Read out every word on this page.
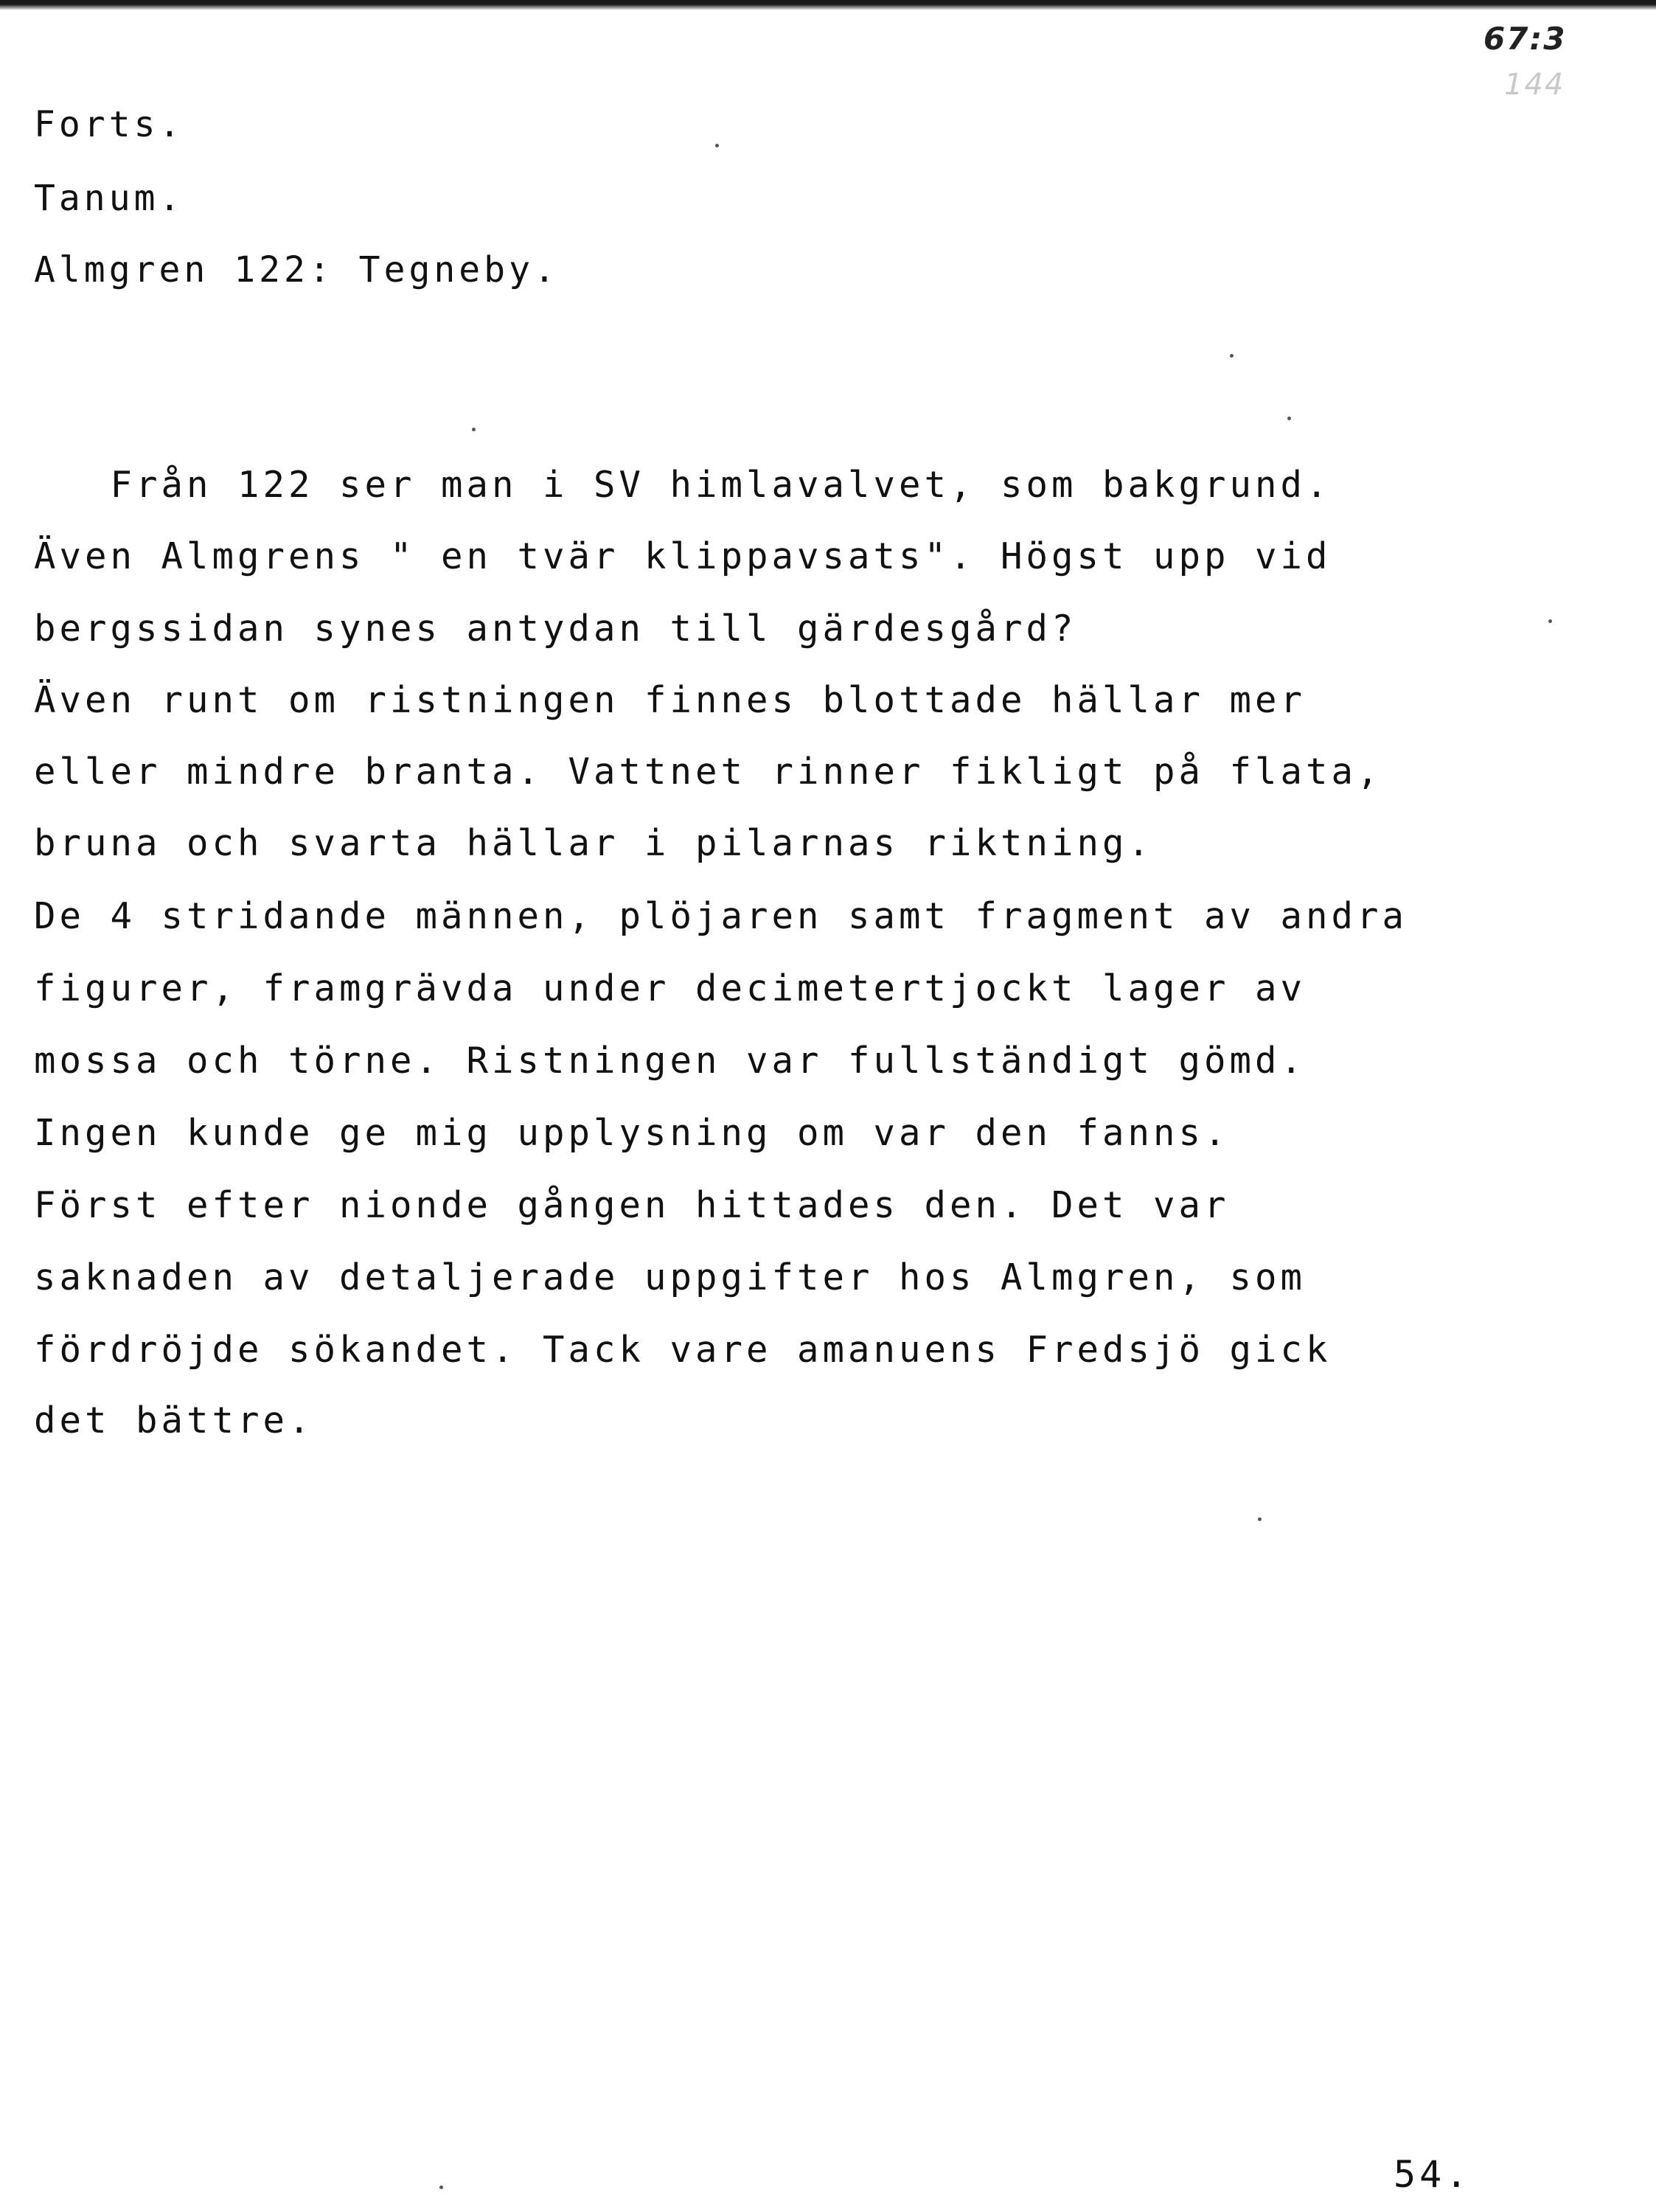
67:3
144
Forts.
Tanum.
Almgren 122: Tegneby.
Från 122 ser man i SV himlavalvet, som bakgrund.
Även Almgrens " en tvär klippavsats". Högst upp vid
bergssidan synes antydan till gärdesgård?
Även runt om ristningen finnes blottade hällar mer
eller mindre branta. Vattnet rinner fikligt på flata,
bruna och svarta hällar i pilarnas riktning.
De 4 stridande männen, plöjaren samt fragment av andra
figurer, framgrävda under decimetertjockt lager av
mossa och törne. Ristningen var fullständigt gömd.
Ingen kunde ge mig upplysning om var den fanns.
Först efter nionde gången hittades den. Det var
saknaden av detaljerade uppgifter hos Almgren, som
fördröjde sökandet. Tack vare amanuens Fredsjö gick
det bättre.
54.
